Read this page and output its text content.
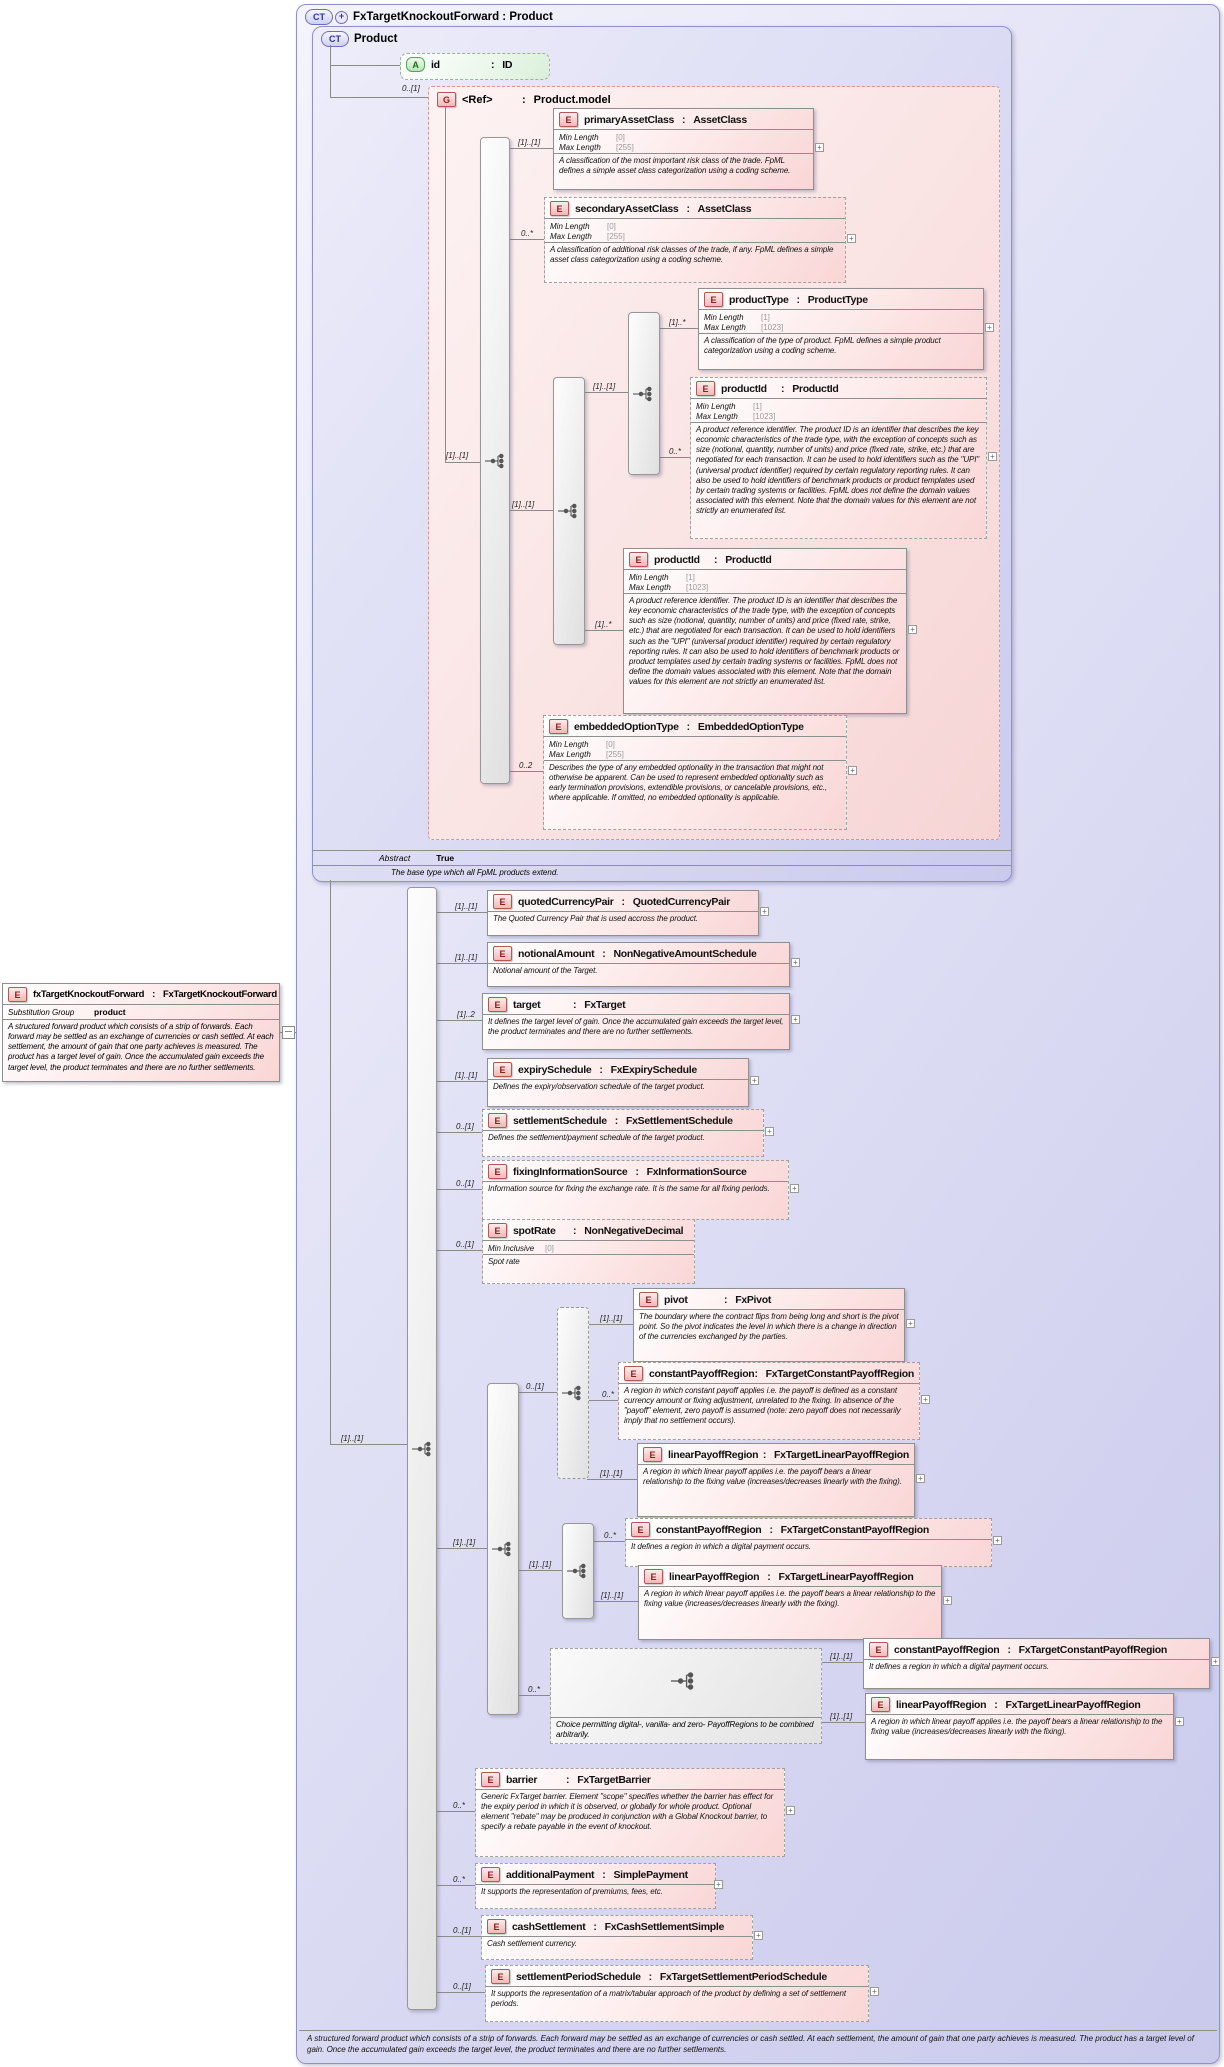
CT	+ FxTargetKnockoutForward : Product
A structured forward product which consists of a strip of forwards. Each forward may be settled as an exchange of currencies or cash settled. At each settlement, the amount of gain that one party achieves is measured. The product has a target level of gain. Once the accumulated gain exceeds the target level, the product terminates and there are no further settlements.
CT	Product
Abstract	True
The base type which all FpML products extend.
G	<Ref>	: Product.model
A	id	: ID
E	primaryAssetClass : AssetClass
Min Length	[0]
Max Length	[255]
A classification of the most important risk class of the trade. FpML defines a simple asset class categorization using a coding scheme.
E	secondaryAssetClass : AssetClass
Min Length	[0]
Max Length	[255]
A classification of additional risk classes of the trade, if any. FpML defines a simple asset class categorization using a coding scheme.
E	productType : ProductType
Min Length	[1]
Max Length	[1023]
A classification of the type of product. FpML defines a simple product categorization using a coding scheme.
E	productId	: ProductId
Min Length	[1]
Max Length	[1023]
A product reference identifier. The product ID is an identifier that describes the key economic characteristics of the trade type, with the exception of concepts such as size (notional, quantity, number of units) and price (fixed rate, strike, etc.) that are negotiated for each transaction. It can be used to hold identifiers such as the "UPI" (universal product identifier) required by certain regulatory reporting rules. It can also be used to hold identifiers of benchmark products or product templates used by certain trading systems or facilities. FpML does not define the domain values associated with this element. Note that the domain values for this element are not strictly an enumerated list.
E	productId	: ProductId
Min Length	[1]
Max Length	[1023]
A product reference identifier. The product ID is an identifier that describes the key economic characteristics of the trade type, with the exception of concepts such as size (notional, quantity, number of units) and price (fixed rate, strike, etc.) that are negotiated for each transaction. It can be used to hold identifiers such as the "UPI" (universal product identifier) required by certain regulatory reporting rules. It can also be used to hold identifiers of benchmark products or product templates used by certain trading systems or facilities. FpML does not define the domain values associated with this element. Note that the domain values for this element are not strictly an enumerated list.
E	embeddedOptionType : EmbeddedOptionType
Min Length	[0]
Max Length	[255]
Describes the type of any embedded optionality in the transaction that might not otherwise be apparent. Can be used to represent embedded optionality such as early termination provisions, extendible provisions, or cancelable provisions, etc., where applicable. If omitted, no embedded optionality is applicable.
E	quotedCurrencyPair : QuotedCurrencyPair
The Quoted Currency Pair that is used accross the product.
E	notionalAmount : NonNegativeAmountSchedule
Notional amount of the Target.
E	target	: FxTarget
It defines the target level of gain. Once the accumulated gain exceeds the target level, the product terminates and there are no further settlements.
E	expirySchedule : FxExpirySchedule
Defines the expiry/observation schedule of the target product.
E	settlementSchedule : FxSettlementSchedule
Defines the settlement/payment schedule of the target product.
E	fixingInformationSource : FxInformationSource
Information source for fixing the exchange rate. It is the same for all fixing periods.
E	spotRate	: NonNegativeDecimal
Min Inclusive	[0]
Spot rate
E	pivot	: FxPivot
The boundary where the contract flips from being long and short is the pivot point. So the pivot indicates the level in which there is a change in direction of the currencies exchanged by the parties.
E	constantPayoffRegion : FxTargetConstantPayoffRegion
A region in which constant payoff applies i.e. the payoff is defined as a constant currency amount or fixing adjustment, unrelated to the fixing. In absence of the "payoff" element, zero payoff is assumed (note: zero payoff does not necessarily imply that no settlement occurs).
E	linearPayoffRegion : FxTargetLinearPayoffRegion
A region in which linear payoff applies i.e. the payoff bears a linear relationship to the fixing value (increases/decreases linearly with the fixing).
E	constantPayoffRegion : FxTargetConstantPayoffRegion
It defines a region in which a digital payment occurs.
E	linearPayoffRegion : FxTargetLinearPayoffRegion
A region in which linear payoff applies i.e. the payoff bears a linear relationship to the fixing value (increases/decreases linearly with the fixing).
Choice permitting digital-, vanilla- and zero- PayoffRegions to be combined arbitrarily.
E	constantPayoffRegion : FxTargetConstantPayoffRegion
It defines a region in which a digital payment occurs.
E	linearPayoffRegion : FxTargetLinearPayoffRegion
A region in which linear payoff applies i.e. the payoff bears a linear relationship to the fixing value (increases/decreases linearly with the fixing).
E	barrier	: FxTargetBarrier
Generic FxTarget barrier. Element "scope" specifies whether the barrier has effect for the expiry period in which it is observed, or globally for whole product. Optional element "rebate" may be produced in conjunction with a Global Knockout barrier, to specify a rebate payable in the event of knockout.
E	additionalPayment : SimplePayment
It supports the representation of premiums, fees, etc.
E	cashSettlement : FxCashSettlementSimple
Cash settlement currency.
E	settlementPeriodSchedule : FxTargetSettlementPeriodSchedule
It supports the representation of a matrix/tabular approach of the product by defining a set of settlement periods.
E	fxTargetKnockoutForward : FxTargetKnockoutForward
Substitution Group	product
A structured forward product which consists of a strip of forwards. Each forward may be settled as an exchange of currencies or cash settled. At each settlement, the amount of gain that one party achieves is measured. The product has a target level of gain. Once the accumulated gain exceeds the target level, the product terminates and there are no further settlements.
0..[1]
[1]..[1]
[1]..[1]
0..*
[1]..[1]
0..2
[1]..[1]
[1]..*
[1]..*
0..*
[1]..[1]
[1]..[1]
[1]..[1]
[1]..2
[1]..[1]
0..[1]
0..[1]
0..[1]
[1]..[1]
0..*
0..*
0..[1]
0..[1]
0..[1]
[1]..[1]
0..*
[1]..[1]
0..*
[1]..[1]
0..*
[1]..[1]
[1]..[1]
[1]..[1]
+
+
+
+
+
+
+
+
+
+
+
+
+
+
+
+
+
+
+
+
+
+
+
